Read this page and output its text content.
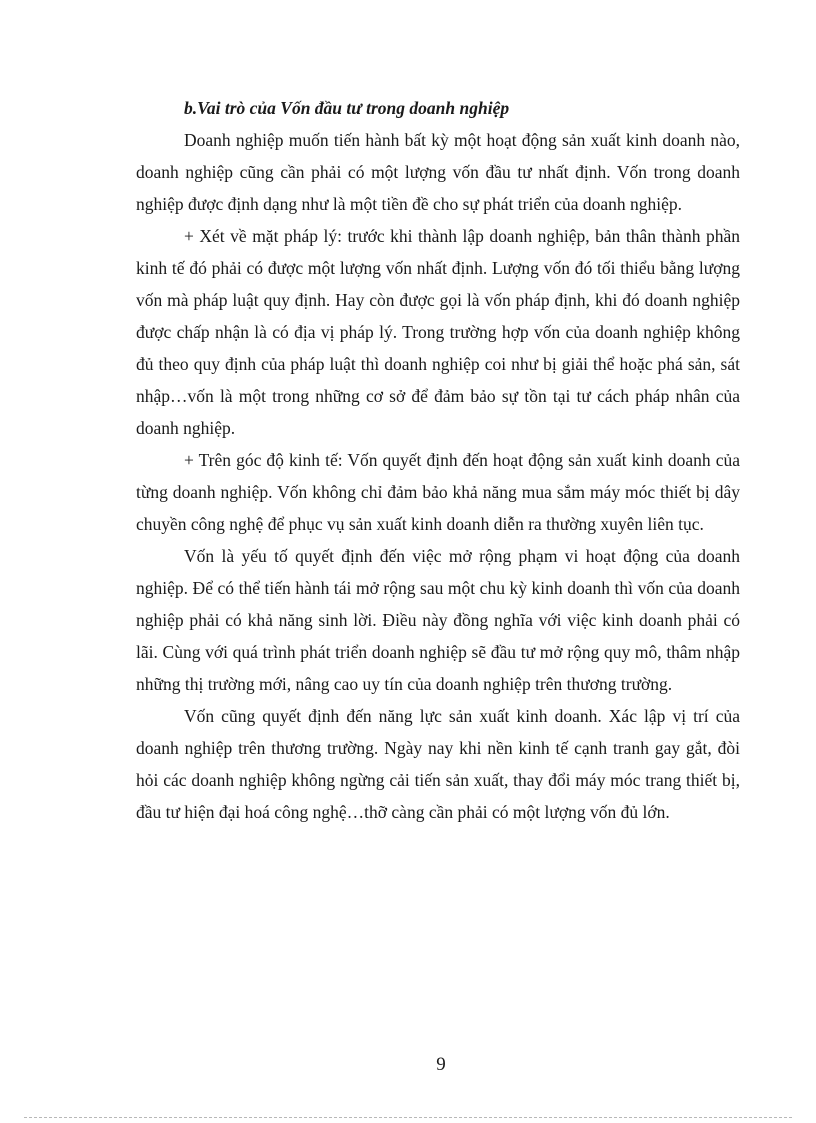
b.Vai trò của Vốn đầu tư trong doanh nghiệp

Doanh nghiệp muốn tiến hành bất kỳ một hoạt động sản xuất kinh doanh nào, doanh nghiệp cũng cần phải có một lượng vốn đầu tư nhất định. Vốn trong doanh nghiệp được định dạng như là một tiền đề cho sự phát triển của doanh nghiệp.

+ Xét về mặt pháp lý: trước khi thành lập doanh nghiệp, bản thân thành phần kinh tế đó phải có được một lượng vốn nhất định. Lượng vốn đó tối thiểu bằng lượng vốn mà pháp luật quy định. Hay còn được gọi là vốn pháp định, khi đó doanh nghiệp được chấp nhận là có địa vị pháp lý. Trong trường hợp vốn của doanh nghiệp không đủ theo quy định của pháp luật thì doanh nghiệp coi như bị giải thể hoặc phá sản, sát nhập…vốn là một trong những cơ sở để đảm bảo sự tồn tại tư cách pháp nhân của doanh nghiệp.

+ Trên góc độ kinh tế: Vốn quyết định đến hoạt động sản xuất kinh doanh của từng doanh nghiệp. Vốn không chỉ đảm bảo khả năng mua sắm máy móc thiết bị dây chuyền công nghệ để phục vụ sản xuất kinh doanh diễn ra thường xuyên liên tục.

Vốn là yếu tố quyết định đến việc mở rộng phạm vi hoạt động của doanh nghiệp. Để có thể tiến hành tái mở rộng sau một chu kỳ kinh doanh thì vốn của doanh nghiệp phải có khả năng sinh lời. Điều này đồng nghĩa với việc kinh doanh phải có lãi. Cùng với quá trình phát triển doanh nghiệp sẽ đầu tư mở rộng quy mô, thâm nhập những thị trường mới, nâng cao uy tín của doanh nghiệp trên thương trường.

Vốn cũng quyết định đến năng lực sản xuất kinh doanh. Xác lập vị trí của doanh nghiệp trên thương trường. Ngày nay khi nền kinh tế cạnh tranh gay gắt, đòi hỏi các doanh nghiệp không ngừng cải tiến sản xuất, thay đổi máy móc trang thiết bị, đầu tư hiện đại hoá công nghệ…thỡ càng cần phải có một lượng vốn đủ lớn.

9
